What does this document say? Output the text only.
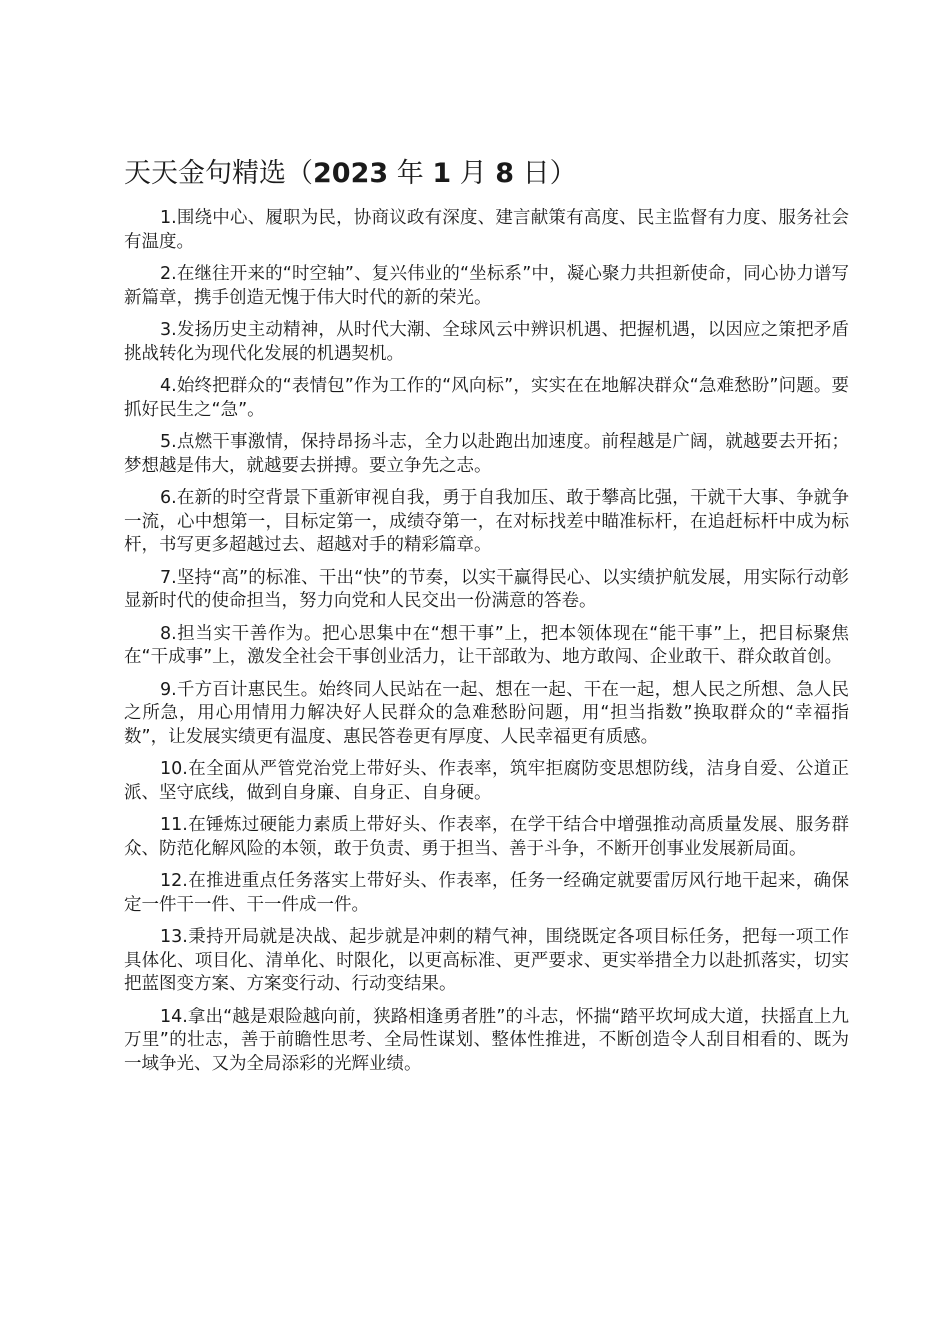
天天金句精选（2023 年 1 月 8 日）

1.围绕中心、履职为民，协商议政有深度、建言献策有高度、民主监督有力度、服务社会有温度。

2.在继往开来的“时空轴”、复兴伟业的“坐标系”中，凝心聚力共担新使命，同心协力谱写新篇章，携手创造无愧于伟大时代的新的荣光。

3.发扬历史主动精神，从时代大潮、全球风云中辨识机遇、把握机遇，以因应之策把矛盾挑战转化为现代化发展的机遇契机。

4.始终把群众的“表情包”作为工作的“风向标”，实实在在地解决群众“急难愁盼”问题。要抓好民生之“急”。

5.点燃干事激情，保持昂扬斗志，全力以赴跑出加速度。前程越是广阔，就越要去开拓；梦想越是伟大，就越要去拼搏。要立争先之志。

6.在新的时空背景下重新审视自我，勇于自我加压、敢于攀高比强，干就干大事、争就争一流，心中想第一，目标定第一，成绩夺第一，在对标找差中瞄准标杆，在追赶标杆中成为标杆，书写更多超越过去、超越对手的精彩篇章。

7.坚持“高”的标准、干出“快”的节奏，以实干赢得民心、以实绩护航发展，用实际行动彰显新时代的使命担当，努力向党和人民交出一份满意的答卷。

8.担当实干善作为。把心思集中在“想干事”上，把本领体现在“能干事”上，把目标聚焦在“干成事”上，激发全社会干事创业活力，让干部敢为、地方敢闯、企业敢干、群众敢首创。

9.千方百计惠民生。始终同人民站在一起、想在一起、干在一起，想人民之所想、急人民之所急，用心用情用力解决好人民群众的急难愁盼问题，用“担当指数”换取群众的“幸福指数”，让发展实绩更有温度、惠民答卷更有厚度、人民幸福更有质感。

10.在全面从严管党治党上带好头、作表率，筑牢拒腐防变思想防线，洁身自爱、公道正派、坚守底线，做到自身廉、自身正、自身硬。

11.在锤炼过硬能力素质上带好头、作表率，在学干结合中增强推动高质量发展、服务群众、防范化解风险的本领，敢于负责、勇于担当、善于斗争，不断开创事业发展新局面。

12.在推进重点任务落实上带好头、作表率，任务一经确定就要雷厉风行地干起来，确保定一件干一件、干一件成一件。

13.秉持开局就是决战、起步就是冲刺的精气神，围绕既定各项目标任务，把每一项工作具体化、项目化、清单化、时限化，以更高标准、更严要求、更实举措全力以赴抓落实，切实把蓝图变方案、方案变行动、行动变结果。

14.拿出“越是艰险越向前，狭路相逢勇者胜”的斗志，怀揣“踏平坎坷成大道，扶摇直上九万里”的壮志，善于前瞻性思考、全局性谋划、整体性推进，不断创造令人刮目相看的、既为一域争光、又为全局添彩的光辉业绩。
